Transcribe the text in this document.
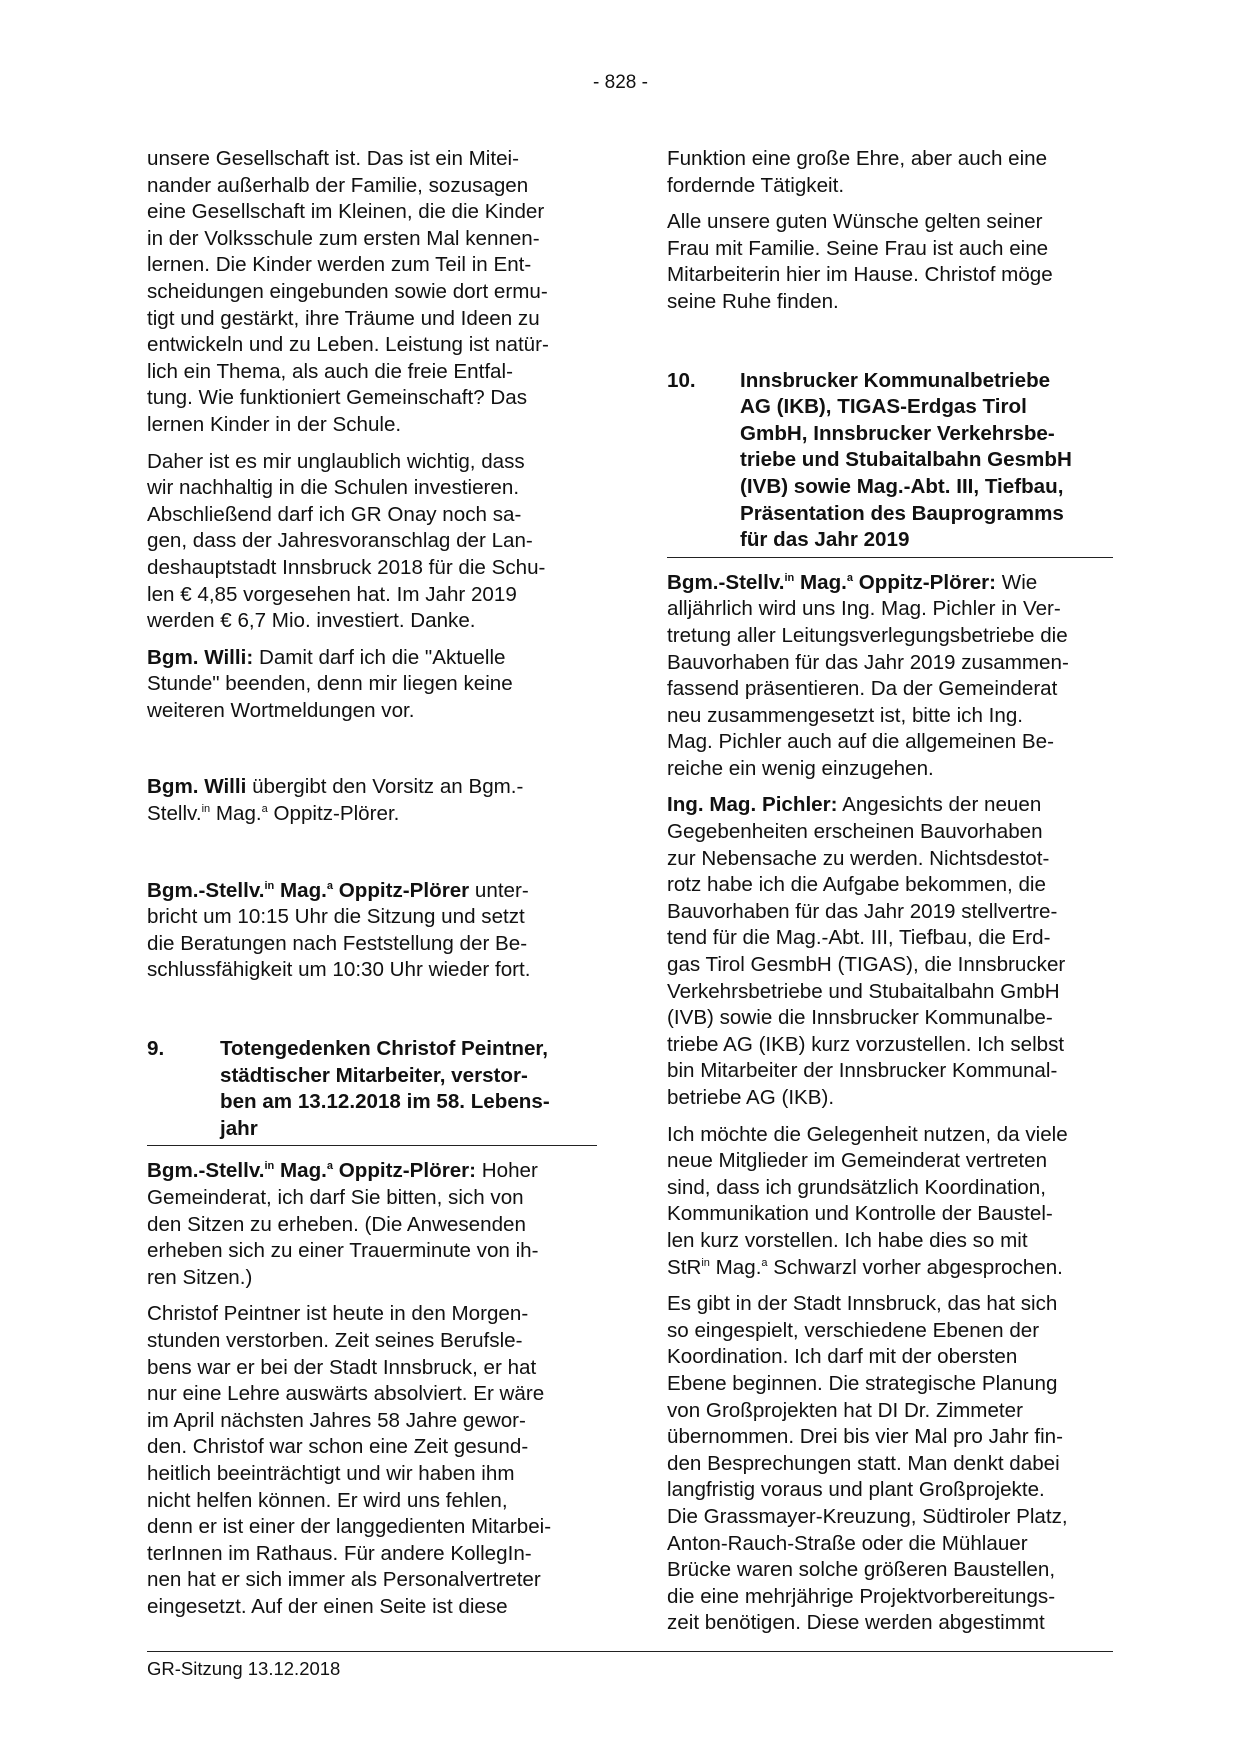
- 828 -

unsere Gesellschaft ist. Das ist ein Mitei-
nander außerhalb der Familie, sozusagen
eine Gesellschaft im Kleinen, die die Kinder
in der Volksschule zum ersten Mal kennen-
lernen. Die Kinder werden zum Teil in Ent-
scheidungen eingebunden sowie dort ermu-
tigt und gestärkt, ihre Träume und Ideen zu
entwickeln und zu Leben. Leistung ist natür-
lich ein Thema, als auch die freie Entfal-
tung. Wie funktioniert Gemeinschaft? Das
lernen Kinder in der Schule.

Daher ist es mir unglaublich wichtig, dass
wir nachhaltig in die Schulen investieren.
Abschließend darf ich GR Onay noch sa-
gen, dass der Jahresvoranschlag der Lan-
deshauptstadt Innsbruck 2018 für die Schu-
len € 4,85 vorgesehen hat. Im Jahr 2019
werden € 6,7 Mio. investiert. Danke.

Bgm. Willi: Damit darf ich die "Aktuelle
Stunde" beenden, denn mir liegen keine
weiteren Wortmeldungen vor.

Bgm. Willi übergibt den Vorsitz an Bgm.-
Stellv.$^{in}$ Mag.$^a$ Oppitz-Plörer.

Bgm.-Stellv.$^{in}$ Mag.$^a$ Oppitz-Plörer unter-
bricht um 10:15 Uhr die Sitzung und setzt
die Beratungen nach Feststellung der Be-
schlussfähigkeit um 10:30 Uhr wieder fort.

9.	Totengedenken Christof Peintner,
städtischer Mitarbeiter, verstor-
ben am 13.12.2018 im 58. Lebens-
jahr

Bgm.-Stellv.$^{in}$ Mag.$^a$ Oppitz-Plörer: Hoher
Gemeinderat, ich darf Sie bitten, sich von
den Sitzen zu erheben. (Die Anwesenden
erheben sich zu einer Trauerminute von ih-
ren Sitzen.)

Christof Peintner ist heute in den Morgen-
stunden verstorben. Zeit seines Berufsle-
bens war er bei der Stadt Innsbruck, er hat
nur eine Lehre auswärts absolviert. Er wäre
im April nächsten Jahres 58 Jahre gewor-
den. Christof war schon eine Zeit gesund-
heitlich beeinträchtigt und wir haben ihm
nicht helfen können. Er wird uns fehlen,
denn er ist einer der langgedienten Mitarbei-
terInnen im Rathaus. Für andere KollegIn-
nen hat er sich immer als Personalvertreter
eingesetzt. Auf der einen Seite ist diese

Funktion eine große Ehre, aber auch eine
fordernde Tätigkeit.

Alle unsere guten Wünsche gelten seiner
Frau mit Familie. Seine Frau ist auch eine
Mitarbeiterin hier im Hause. Christof möge
seine Ruhe finden.

10. Innsbrucker Kommunalbetriebe
AG (IKB), TIGAS-Erdgas Tirol
GmbH, Innsbrucker Verkehrsbe-
triebe und Stubaitalbahn GesmbH
(IVB) sowie Mag.-Abt. III, Tiefbau,
Präsentation des Bauprogramms
für das Jahr 2019

Bgm.-Stellv.$^{in}$ Mag.$^a$ Oppitz-Plörer: Wie
alljährlich wird uns Ing. Mag. Pichler in Ver-
tretung aller Leitungsverlegungsbetriebe die
Bauvorhaben für das Jahr 2019 zusammen-
fassend präsentieren. Da der Gemeinderat
neu zusammengesetzt ist, bitte ich Ing.
Mag. Pichler auch auf die allgemeinen Be-
reiche ein wenig einzugehen.

Ing. Mag. Pichler: Angesichts der neuen
Gegebenheiten erscheinen Bauvorhaben
zur Nebensache zu werden. Nichtsdestot-
rotz habe ich die Aufgabe bekommen, die
Bauvorhaben für das Jahr 2019 stellvertre-
tend für die Mag.-Abt. III, Tiefbau, die Erd-
gas Tirol GesmbH (TIGAS), die Innsbrucker
Verkehrsbetriebe und Stubaitalbahn GmbH
(IVB) sowie die Innsbrucker Kommunalbe-
triebe AG (IKB) kurz vorzustellen. Ich selbst
bin Mitarbeiter der Innsbrucker Kommunal-
betriebe AG (IKB).

Ich möchte die Gelegenheit nutzen, da viele
neue Mitglieder im Gemeinderat vertreten
sind, dass ich grundsätzlich Koordination,
Kommunikation und Kontrolle der Baustel-
len kurz vorstellen. Ich habe dies so mit
StR$^{in}$ Mag.$^a$ Schwarzl vorher abgesprochen.

Es gibt in der Stadt Innsbruck, das hat sich
so eingespielt, verschiedene Ebenen der
Koordination. Ich darf mit der obersten
Ebene beginnen. Die strategische Planung
von Großprojekten hat DI Dr. Zimmeter
übernommen. Drei bis vier Mal pro Jahr fin-
den Besprechungen statt. Man denkt dabei
langfristig voraus und plant Großprojekte.
Die Grassmayer-Kreuzung, Südtiroler Platz,
Anton-Rauch-Straße oder die Mühlauer
Brücke waren solche größeren Baustellen,
die eine mehrjährige Projektvorbereitungs-
zeit benötigen. Diese werden abgestimmt

GR-Sitzung 13.12.2018
